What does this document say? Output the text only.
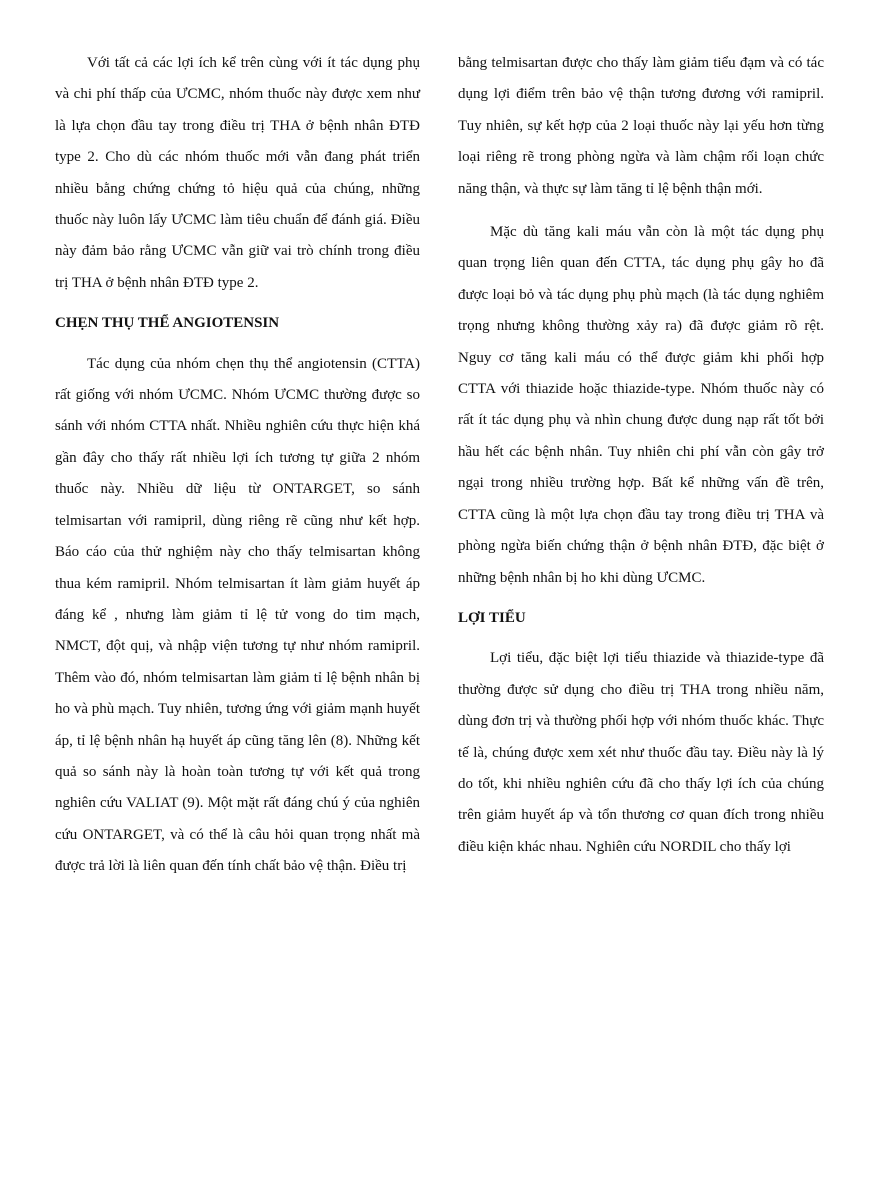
Với tất cả các lợi ích kể trên cùng với ít tác dụng phụ và chi phí thấp của ƯCMC, nhóm thuốc này được xem như là lựa chọn đầu tay trong điều trị THA ở bệnh nhân ĐTĐ type 2. Cho dù các nhóm thuốc mới vẫn đang phát triển nhiều bằng chứng chứng tỏ hiệu quả của chúng, những thuốc này luôn lấy ƯCMC làm tiêu chuẩn để đánh giá. Điều này đảm bảo rằng ƯCMC vẫn giữ vai trò chính trong điều trị THA ở bệnh nhân ĐTĐ type 2.

CHẸN THỤ THỂ ANGIOTENSIN

Tác dụng của nhóm chẹn thụ thể angiotensin (CTTA) rất giống với nhóm ƯCMC. Nhóm ƯCMC thường được so sánh với nhóm CTTA nhất. Nhiều nghiên cứu thực hiện khá gần đây cho thấy rất nhiều lợi ích tương tự giữa 2 nhóm thuốc này. Nhiều dữ liệu từ ONTARGET, so sánh telmisartan với ramipril, dùng riêng rẽ cũng như kết hợp. Báo cáo của thử nghiệm này cho thấy telmisartan không thua kém ramipril. Nhóm telmisartan ít làm giảm huyết áp đáng kể , nhưng làm giảm tỉ lệ tử vong do tim mạch, NMCT, đột quị, và nhập viện tương tự như nhóm ramipril. Thêm vào đó, nhóm telmisartan làm giảm tỉ lệ bệnh nhân bị ho và phù mạch. Tuy nhiên, tương ứng với giảm mạnh huyết áp, tỉ lệ bệnh nhân hạ huyết áp cũng tăng lên (8). Những kết quả so sánh này là hoàn toàn tương tự với kết quả trong nghiên cứu VALIAT (9). Một mặt rất đáng chú ý của nghiên cứu ONTARGET, và có thể là câu hỏi quan trọng nhất mà được trả lời là liên quan đến tính chất bảo vệ thận. Điều trị

bằng telmisartan được cho thấy làm giảm tiểu đạm và có tác dụng lợi điểm trên bảo vệ thận tương đương với ramipril. Tuy nhiên, sự kết hợp của 2 loại thuốc này lại yếu hơn từng loại riêng rẽ trong phòng ngừa và làm chậm rối loạn chức năng thận, và thực sự làm tăng tỉ lệ bệnh thận mới.

Mặc dù tăng kali máu vẫn còn là một tác dụng phụ quan trọng liên quan đến CTTA, tác dụng phụ gây ho đã được loại bỏ và tác dụng phụ phù mạch (là tác dụng nghiêm trọng nhưng không thường xảy ra) đã được giảm rõ rệt. Nguy cơ tăng kali máu có thể được giảm khi phối hợp CTTA với thiazide hoặc thiazide-type. Nhóm thuốc này có rất ít tác dụng phụ và nhìn chung được dung nạp rất tốt bởi hầu hết các bệnh nhân. Tuy nhiên chi phí vẫn còn gây trở ngại trong nhiều trường hợp. Bất kể những vấn đề trên, CTTA cũng là một lựa chọn đầu tay trong điều trị THA và phòng ngừa biến chứng thận ở bệnh nhân ĐTĐ, đặc biệt ở những bệnh nhân bị ho khi dùng ƯCMC.

LỢI TIỂU

Lợi tiểu, đặc biệt lợi tiểu thiazide và thiazide-type đã thường được sử dụng cho điều trị THA trong nhiều năm, dùng đơn trị và thường phối hợp với nhóm thuốc khác. Thực tế là, chúng được xem xét như thuốc đầu tay. Điều này là lý do tốt, khi nhiều nghiên cứu đã cho thấy lợi ích của chúng trên giảm huyết áp và tổn thương cơ quan đích trong nhiều điều kiện khác nhau. Nghiên cứu NORDIL cho thấy lợi
